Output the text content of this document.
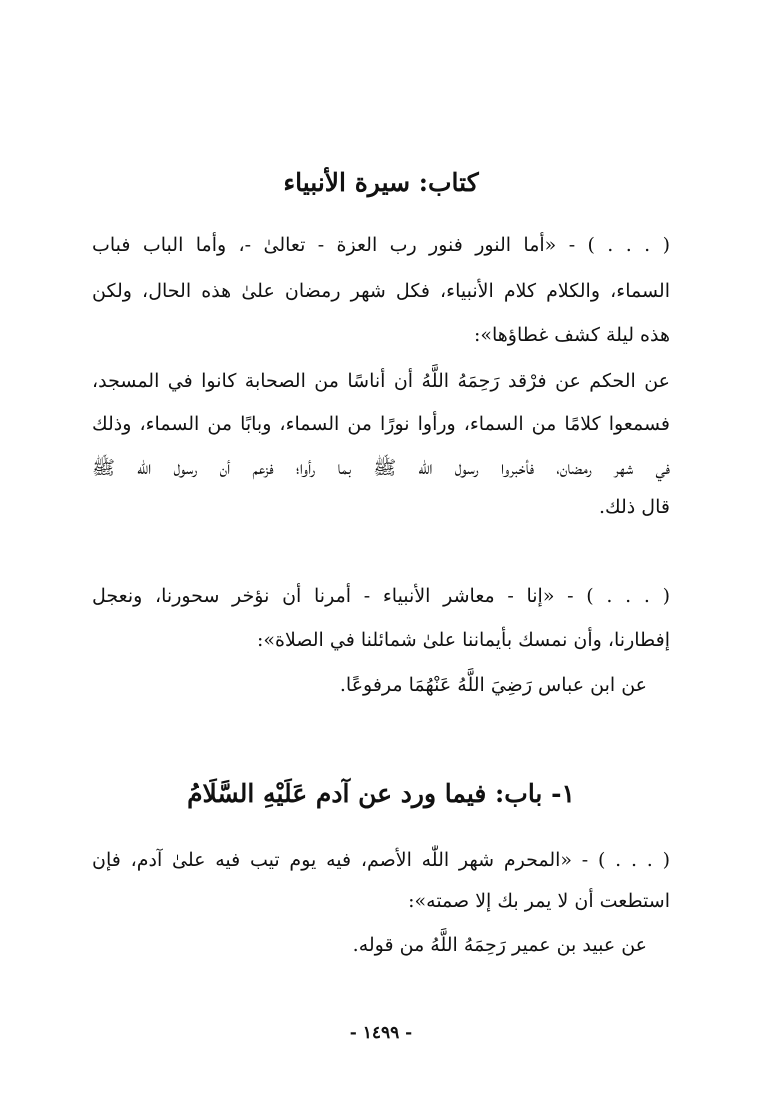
كتاب: سيرة الأنبياء
( . . . ) - «أما النور فنور رب العزة - تعالىٰ -، وأما الباب فباب
السماء، والكلام كلام الأنبياء، فكل شهر رمضان علىٰ هذه الحال، ولكن
هذه ليلة كشف غطاؤها»:
عن الحكم عن فرْقد رَحِمَهُ اللَّهُ أن أناسًا من الصحابة كانوا في المسجد،
فسمعوا كلامًا من السماء، ورأوا نورًا من السماء، وبابًا من السماء، وذلك
في شهر رمضان، فأخبروا رسول اللّٰه ﷺ بما رأوا؛ فزعم أن رسول اللّٰه ﷺ
قال ذلك.
( . . . ) - «إنا - معاشر الأنبياء - أمرنا أن نؤخر سحورنا، ونعجل
إفطارنا، وأن نمسك بأيماننا علىٰ شمائلنا في الصلاة»:
عن ابن عباس رَضِيَ اللَّهُ عَنْهُمَا مرفوعًا.
١- باب: فيما ورد عن آدم عَلَيْهِ السَّلَامُ
( . . . ) - «المحرم شهر اللّٰه الأصم، فيه يوم تيب فيه علىٰ آدم، فإن
استطعت أن لا يمر بك إلا صمته»:
عن عبيد بن عمير رَحِمَهُ اللَّهُ من قوله.
- ١٤٩٩ -
